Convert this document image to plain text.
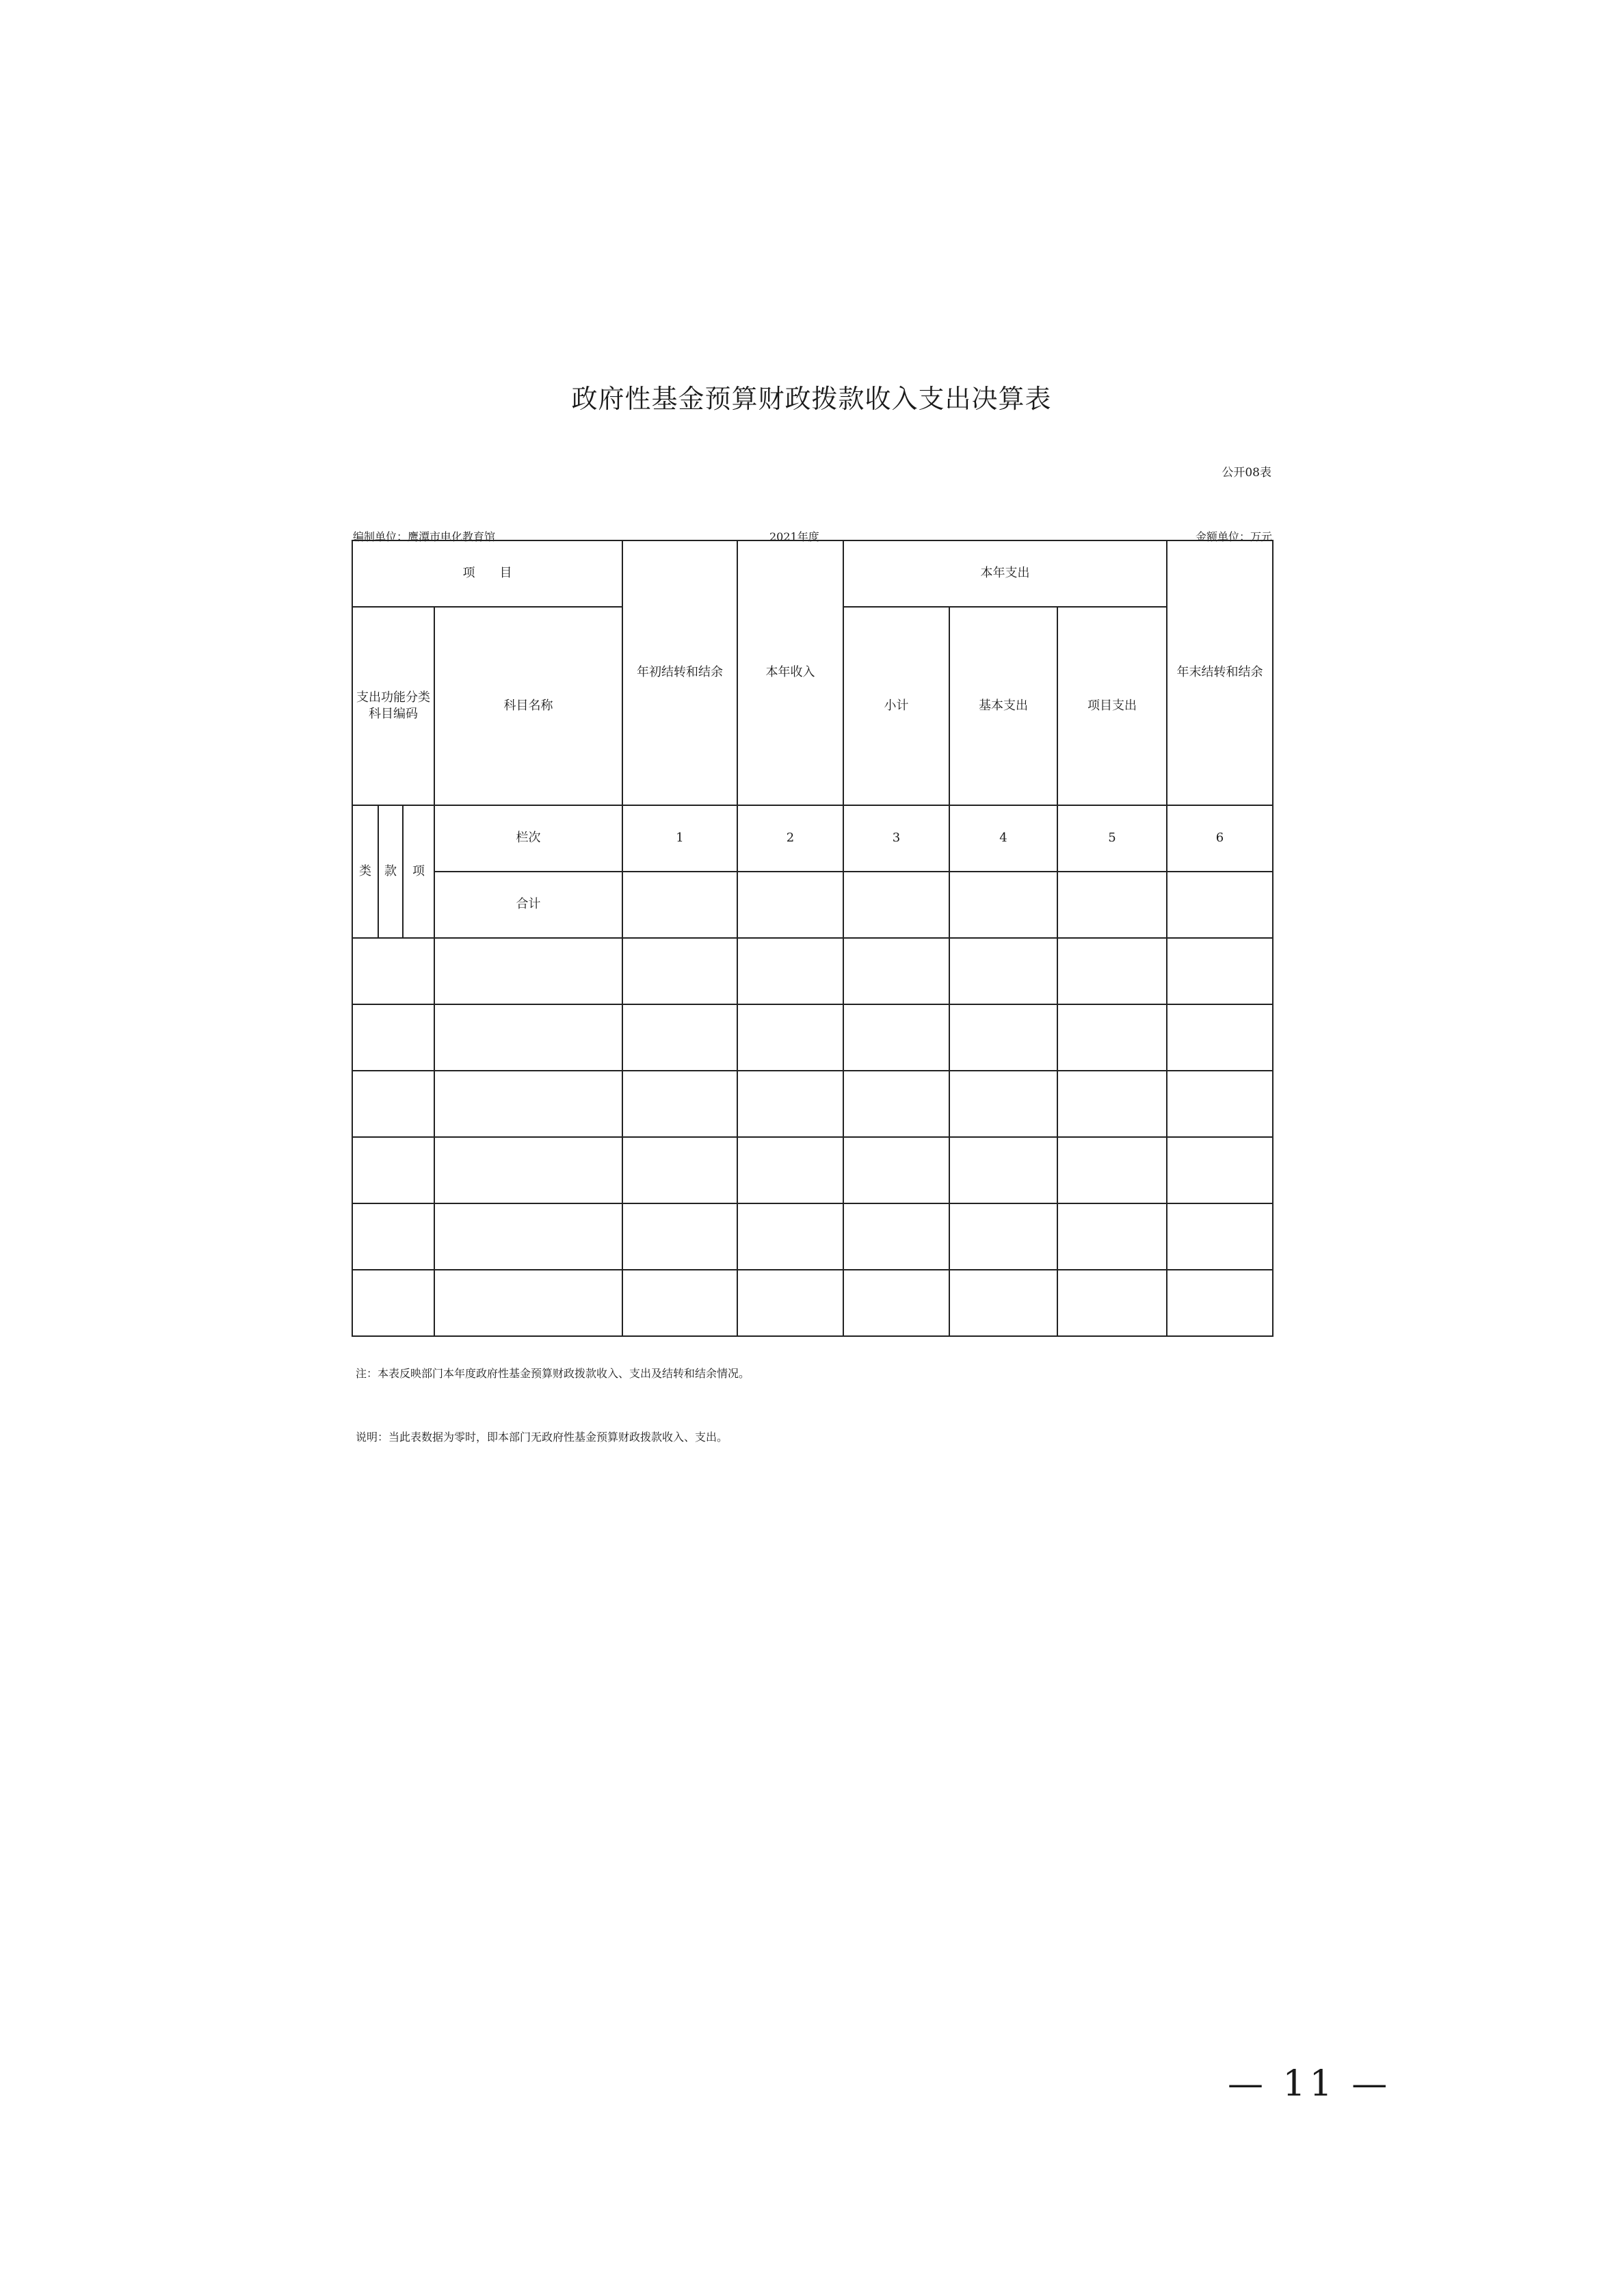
政府性基金预算财政拨款收入支出决算表
公开08表
编制单位：鹰潭市电化教育馆	2021年度	金额单位：万元
项　　目				年初结转和结余	本年收入	本年支出			年末结转和结余
支出功能分类科目编码			科目名称			小计	基本支出	项目支出	
类	款	项	栏次	1	2	3	4	5	6
			合计						

注：本表反映部门本年度政府性基金预算财政拨款收入、支出及结转和结余情况。
说明：当此表数据为零时，即本部门无政府性基金预算财政拨款收入、支出。
— 11 —
